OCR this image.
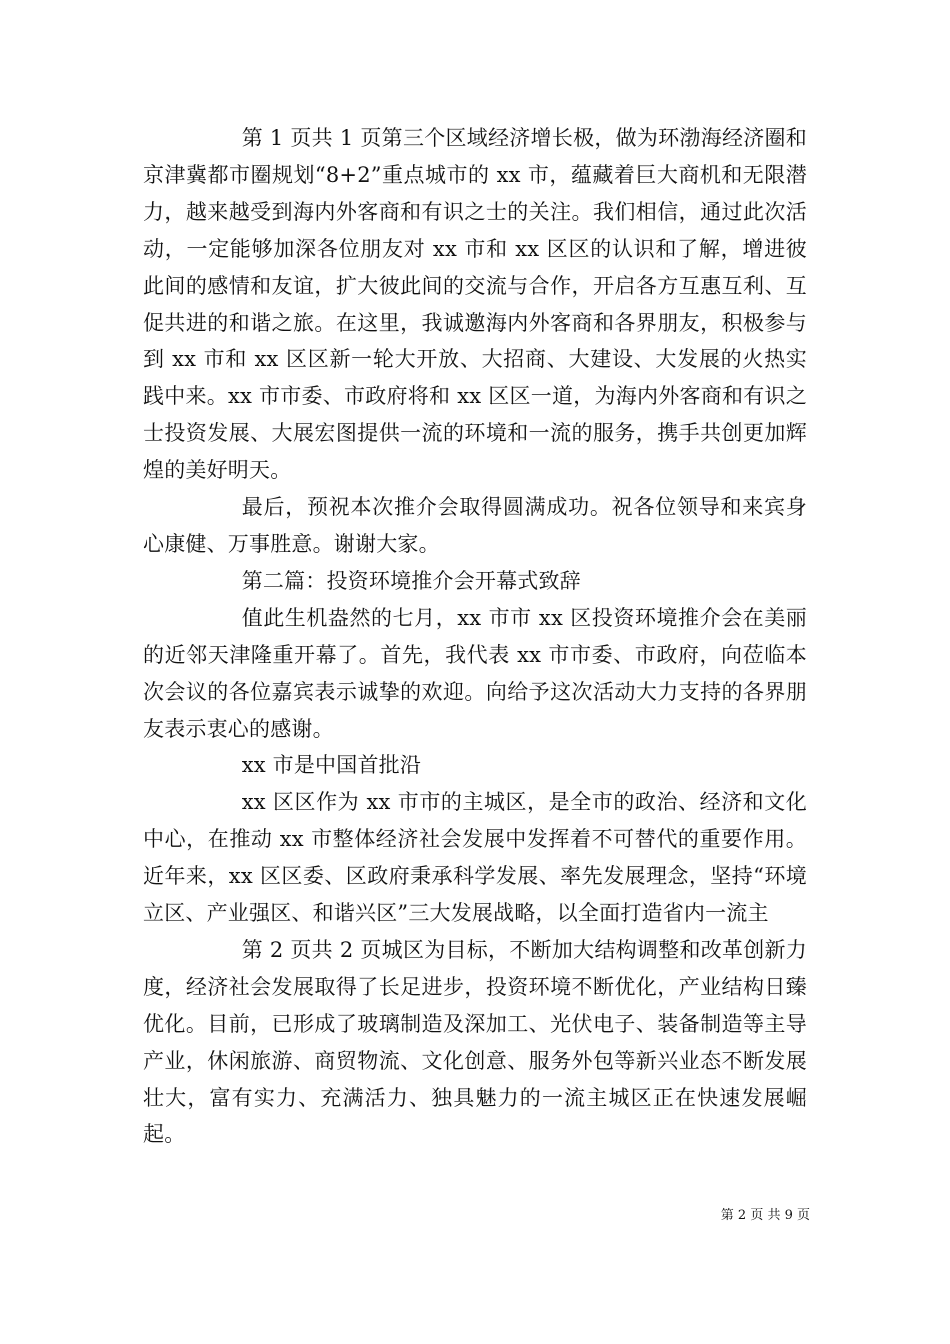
第 1 页共 1 页第三个区域经济增长极，做为环渤海经济圈和京津冀都市圈规划“8+2”重点城市的 xx 市，蕴藏着巨大商机和无限潜力，越来越受到海内外客商和有识之士的关注。我们相信，通过此次活动，一定能够加深各位朋友对 xx 市和 xx 区区的认识和了解，增进彼此间的感情和友谊，扩大彼此间的交流与合作，开启各方互惠互利、互促共进的和谐之旅。在这里，我诚邀海内外客商和各界朋友，积极参与到 xx 市和 xx 区区新一轮大开放、大招商、大建设、大发展的火热实践中来。xx 市市委、市政府将和 xx 区区一道，为海内外客商和有识之士投资发展、大展宏图提供一流的环境和一流的服务，携手共创更加辉煌的美好明天。

最后，预祝本次推介会取得圆满成功。祝各位领导和来宾身心康健、万事胜意。谢谢大家。

第二篇：投资环境推介会开幕式致辞

值此生机盎然的七月，xx 市市 xx 区投资环境推介会在美丽的近邻天津隆重开幕了。首先，我代表 xx 市市委、市政府，向莅临本次会议的各位嘉宾表示诚挚的欢迎。向给予这次活动大力支持的各界朋友表示衷心的感谢。

xx 市是中国首批沿

xx 区区作为 xx 市市的主城区，是全市的政治、经济和文化中心，在推动 xx 市整体经济社会发展中发挥着不可替代的重要作用。近年来，xx 区区委、区政府秉承科学发展、率先发展理念，坚持“环境立区、产业强区、和谐兴区”三大发展战略，以全面打造省内一流主

第 2 页共 2 页城区为目标，不断加大结构调整和改革创新力度，经济社会发展取得了长足进步，投资环境不断优化，产业结构日臻优化。目前，已形成了玻璃制造及深加工、光伏电子、装备制造等主导产业，休闲旅游、商贸物流、文化创意、服务外包等新兴业态不断发展壮大，富有实力、充满活力、独具魅力的一流主城区正在快速发展崛起。

第 2 页 共 9 页
